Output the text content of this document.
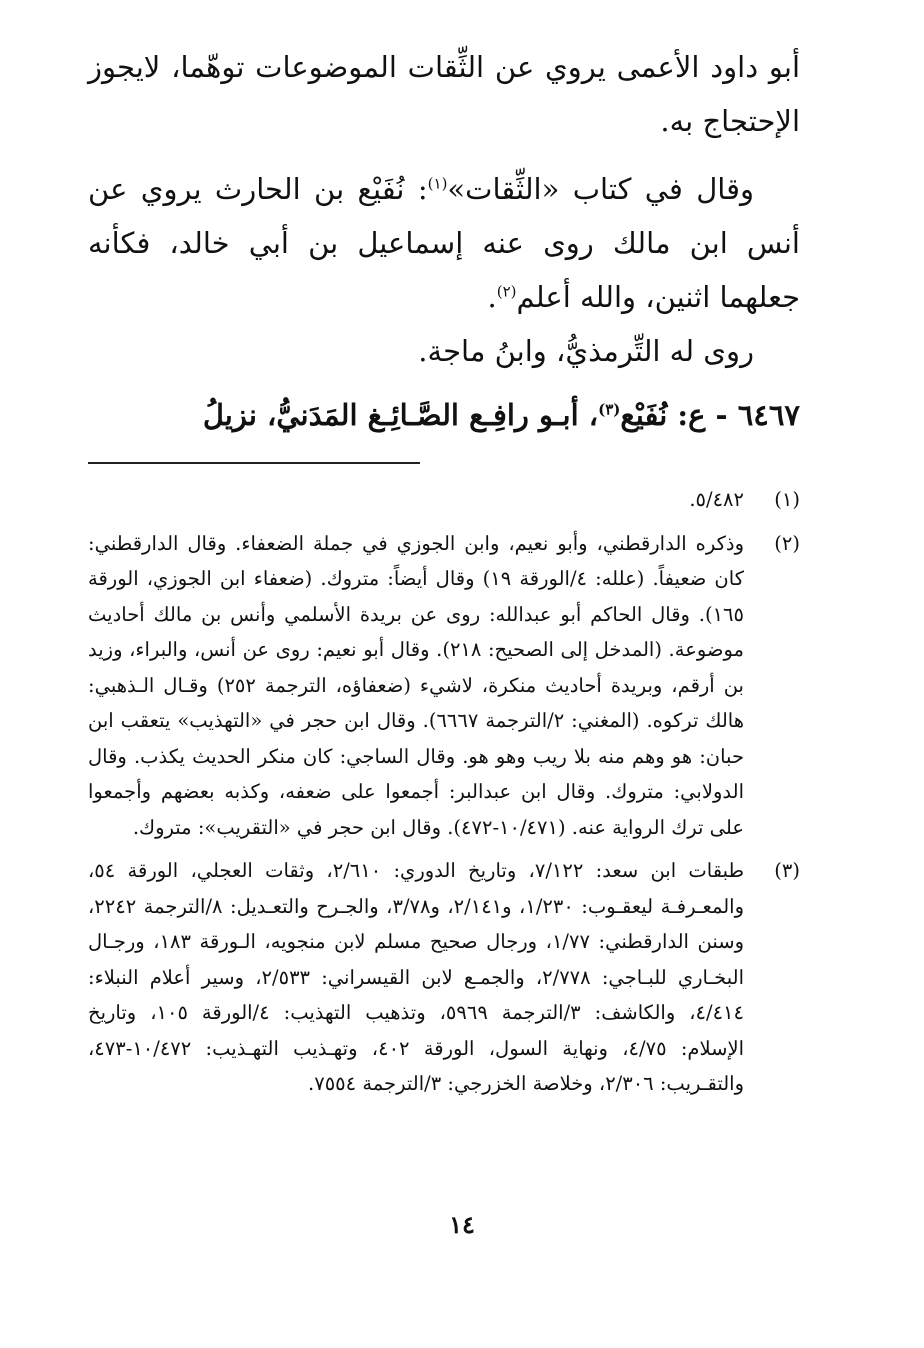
أبو داود الأعمى يروي عن الثِّقات الموضوعات توهّما، لايجوز الإحتجاج به.

وقال في كتاب «الثِّقات»$^{(١)}$: نُفَيْع بن الحارث يروي عن أنس ابن مالك روى عنه إسماعيل بن أبي خالد، فكأنه جعلهما اثنين، والله أعلم$^{(٢)}$.

روى له التِّرمذيُّ، وابنُ ماجة.

٦٤٦٧ - ع: نُفَيْع$^{(٣)}$، أبـو رافِـع الصَّـائِـغ المَدَنيُّ، نزيلُ

(١)
٥/٤٨٢.
(٢)
وذكره الدارقطني، وأبو نعيم، وابن الجوزي في جملة الضعفاء. وقال الدارقطني: كان ضعيفاً. (علله: ٤/الورقة ١٩) وقال أيضاً: متروك. (ضعفاء ابن الجوزي، الورقة ١٦٥). وقال الحاكم أبو عبدالله: روى عن بريدة الأسلمي وأنس بن مالك أحاديث موضوعة. (المدخل إلى الصحيح: ٢١٨). وقال أبو نعيم: روى عن أنس، والبراء، وزيد بن أرقم، وبريدة أحاديث منكرة، لاشيء (ضعفاؤه، الترجمة ٢٥٢) وقـال الـذهبي: هالك تركوه. (المغني: ٢/الترجمة ٦٦٦٧). وقال ابن حجر في «التهذيب» يتعقب ابن حبان: هو وهم منه بلا ريب وهو هو. وقال الساجي: كان منكر الحديث يكذب. وقال الدولابي: متروك. وقال ابن عبدالبر: أجمعوا على ضعفه، وكذبه بعضهم وأجمعوا على ترك الرواية عنه. (١٠/٤٧١-٤٧٢). وقال ابن حجر في «التقريب»: متروك.
(٣)
طبقات ابن سعد: ٧/١٢٢، وتاريخ الدوري: ٢/٦١٠، وثقات العجلي، الورقة ٥٤، والمعـرفـة ليعقـوب: ١/٢٣٠، و٢/١٤١، و٣/٧٨، والجـرح والتعـديل: ٨/الترجمة ٢٢٤٢، وسنن الدارقطني: ١/٧٧، ورجال صحيح مسلم لابن منجويه، الـورقة ١٨٣، ورجـال البخـاري للبـاجي: ٢/٧٧٨، والجمـع لابن القيسراني: ٢/٥٣٣، وسير أعلام النبلاء: ٤/٤١٤، والكاشف: ٣/الترجمة ٥٩٦٩، وتذهيب التهذيب: ٤/الورقة ١٠٥، وتاريخ الإسلام: ٤/٧٥، ونهاية السول، الورقة ٤٠٢، وتهـذيب التهـذيب: ١٠/٤٧٢-٤٧٣، والتقـريب: ٢/٣٠٦، وخلاصة الخزرجي: ٣/الترجمة ٧٥٥٤.
١٤
